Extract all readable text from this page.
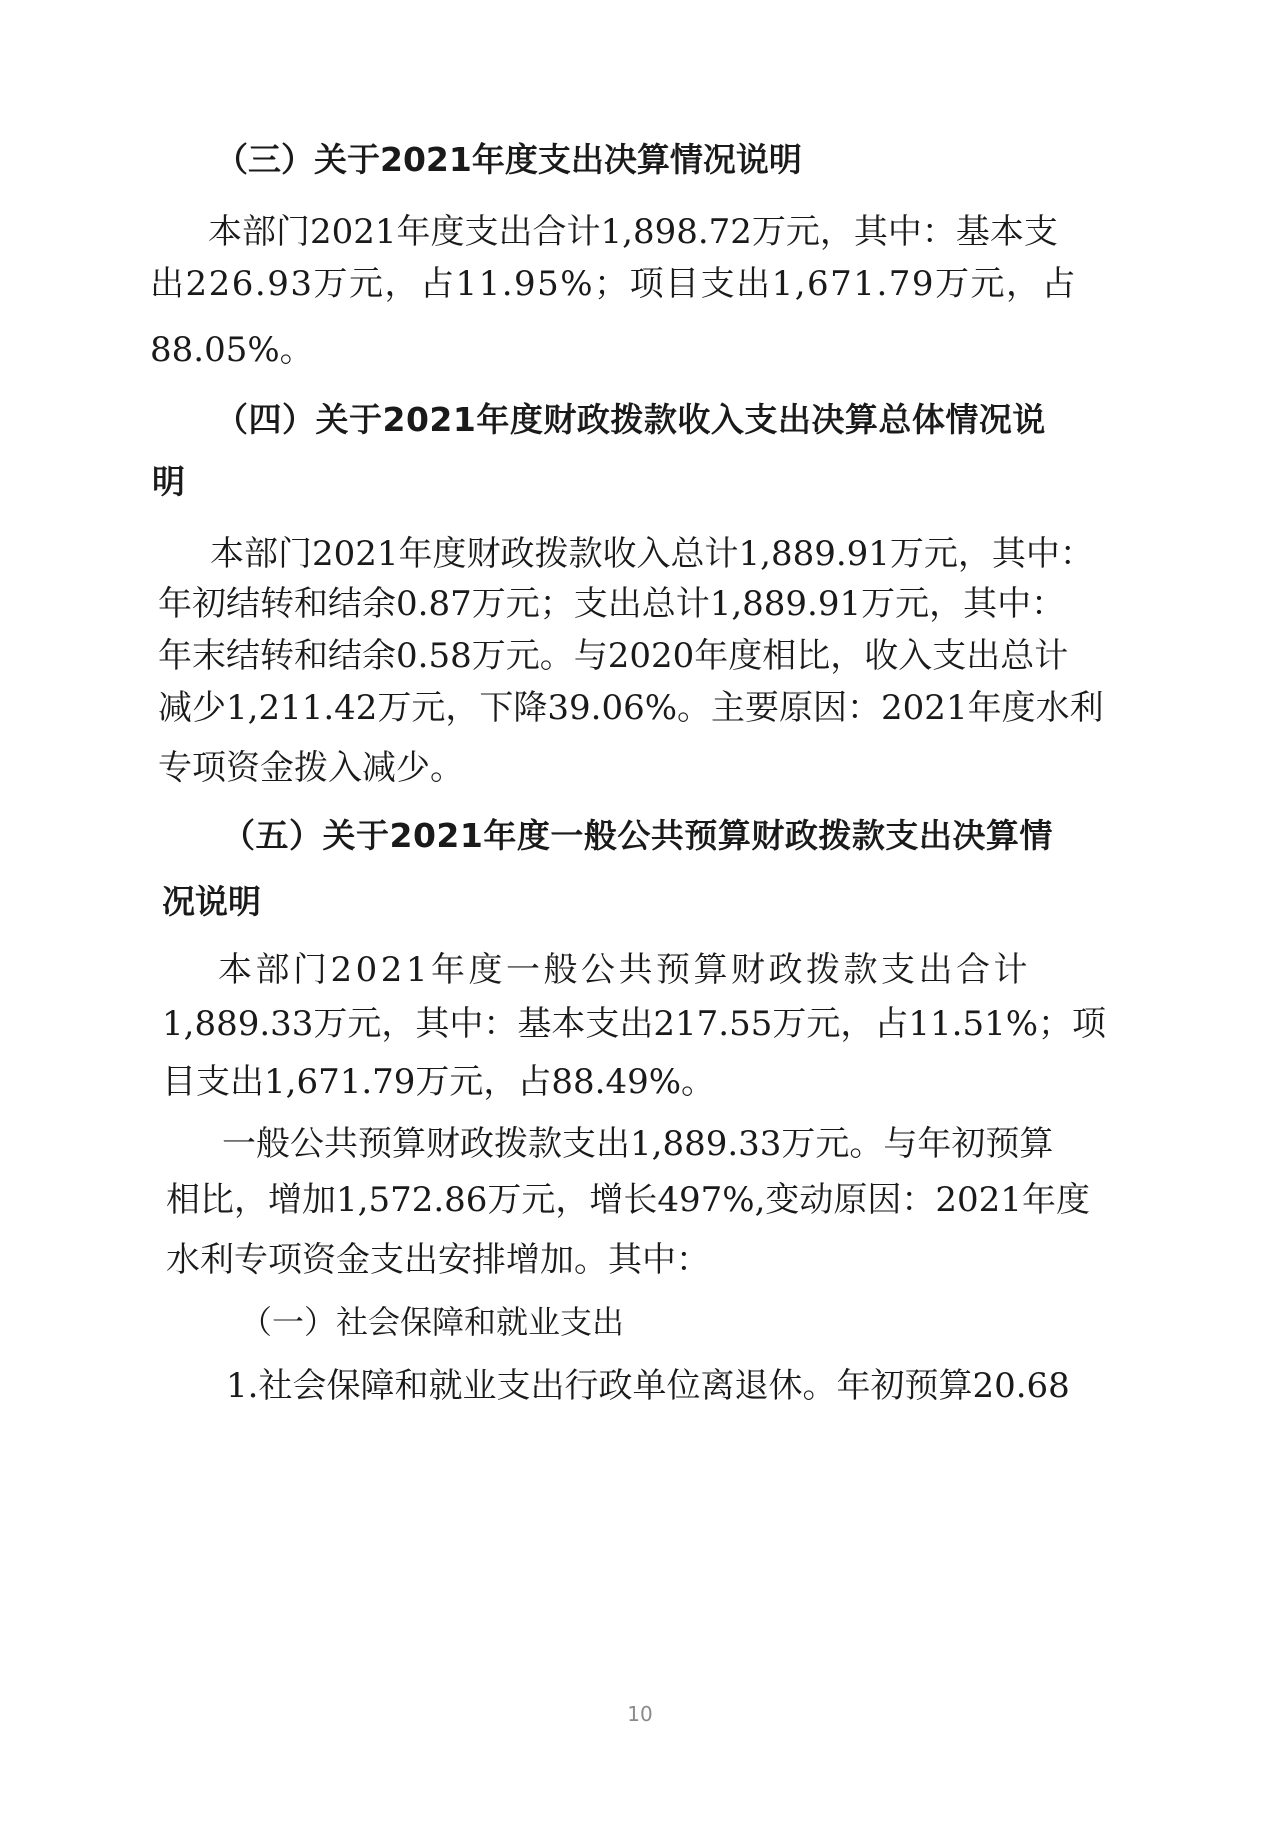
（三）关于2021年度支出决算情况说明
本部门2021年度支出合计1,898.72万元，其中：基本支
出226.93万元，占11.95%；项目支出1,671.79万元，占
88.05%。
（四）关于2021年度财政拨款收入支出决算总体情况说
明
本部门2021年度财政拨款收入总计1,889.91万元，其中：
年初结转和结余0.87万元；支出总计1,889.91万元，其中：
年末结转和结余0.58万元。与2020年度相比，收入支出总计
减少1,211.42万元，下降39.06%。主要原因：2021年度水利
专项资金拨入减少。
（五）关于2021年度一般公共预算财政拨款支出决算情
况说明
本部门2021年度一般公共预算财政拨款支出合计
1,889.33万元，其中：基本支出217.55万元，占11.51%；项
目支出1,671.79万元，占88.49%。
一般公共预算财政拨款支出1,889.33万元。与年初预算
相比，增加1,572.86万元，增长497%,变动原因：2021年度
水利专项资金支出安排增加。其中：
（一）社会保障和就业支出
1.社会保障和就业支出行政单位离退休。年初预算20.68
10
